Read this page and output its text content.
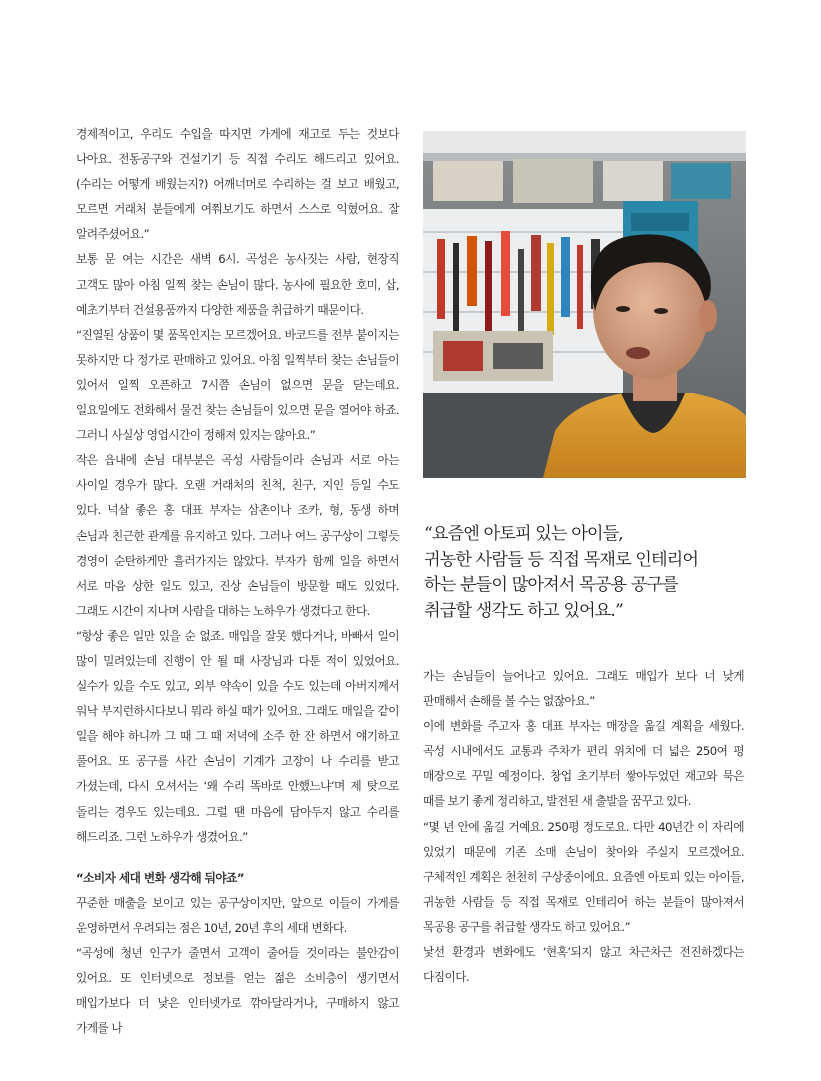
경제적이고, 우리도 수입을 따지면 가게에 재고로 두는 것보다 나아요. 전동공구와 건설기기 등 직접 수리도 해드리고 있어요. (수리는 어떻게 배웠는지?) 어깨너머로 수리하는 걸 보고 배웠고, 모르면 거래처 분들에게 여쭤보기도 하면서 스스로 익혔어요. 잘 알려주셨어요.”

보통 문 여는 시간은 새벽 6시. 곡성은 농사짓는 사람, 현장직 고객도 많아 아침 일찍 찾는 손님이 많다. 농사에 필요한 호미, 삽, 예초기부터 건설용품까지 다양한 제품을 취급하기 때문이다.

“진열된 상품이 몇 품목인지는 모르겠어요. 바코드를 전부 붙이지는 못하지만 다 정가로 판매하고 있어요. 아침 일찍부터 찾는 손님들이 있어서 일찍 오픈하고 7시쯤 손님이 없으면 문을 닫는데요. 일요일에도 전화해서 물건 찾는 손님들이 있으면 문을 열어야 하죠. 그러니 사실상 영업시간이 정해져 있지는 않아요.”

작은 읍내에 손님 대부분은 곡성 사람들이라 손님과 서로 아는 사이일 경우가 많다. 오랜 거래처의 친척, 친구, 지인 등일 수도 있다. 넉살 좋은 홍 대표 부자는 삼촌이나 조카, 형, 동생 하며 손님과 친근한 관계를 유지하고 있다. 그러나 여느 공구상이 그렇듯 경영이 순탄하게만 흘러가지는 않았다. 부자가 함께 일을 하면서 서로 마음 상한 일도 있고, 진상 손님들이 방문할 때도 있었다. 그래도 시간이 지나며 사람을 대하는 노하우가 생겼다고 한다.

“항상 좋은 일만 있을 순 없죠. 매입을 잘못 했다거나, 바빠서 일이 많이 밀려있는데 진행이 안 될 때 사장님과 다툰 적이 있었어요. 실수가 있을 수도 있고, 외부 약속이 있을 수도 있는데 아버지께서 워낙 부지런하시다보니 뭐라 하실 때가 있어요. 그래도 매일을 같이 일을 해야 하니까 그 때 그 때 저녁에 소주 한 잔 하면서 얘기하고 풀어요. 또 공구를 사간 손님이 기계가 고장이 나 수리를 받고 가셨는데, 다시 오셔서는 ‘왜 수리 똑바로 안했느냐’며 제 탓으로 돌리는 경우도 있는데요. 그럴 땐 마음에 담아두지 않고 수리를 해드리죠. 그런 노하우가 생겼어요.”

“소비자 세대 변화 생각해 둬야죠”

꾸준한 매출을 보이고 있는 공구상이지만, 앞으로 이들이 가게를 운영하면서 우려되는 점은 10년, 20년 후의 세대 변화다.

“곡성에 청년 인구가 줄면서 고객이 줄어들 것이라는 불안감이 있어요. 또 인터넷으로 정보를 얻는 젊은 소비층이 생기면서 매입가보다 더 낮은 인터넷가로 깎아달라거나, 구매하지 않고 가게를 나

“요즘엔 아토피 있는 아이들,
귀농한 사람들 등 직접 목재로 인테리어
하는 분들이 많아져서 목공용 공구를
취급할 생각도 하고 있어요.”

가는 손님들이 늘어나고 있어요. 그래도 매입가 보다 너 낮게 판매해서 손해를 볼 수는 없잖아요.”

이에 변화를 주고자 홍 대표 부자는 매장을 옮길 계획을 세웠다. 곡성 시내에서도 교통과 주차가 편리 위치에 더 넓은 250여 평 매장으로 꾸밀 예정이다. 창업 초기부터 쌓아두었던 재고와 묵은 때를 보기 좋게 정리하고, 발전된 새 출발을 꿈꾸고 있다.

“몇 년 안에 옮길 거예요. 250평 정도로요. 다만 40년간 이 자리에 있었기 때문에 기존 소매 손님이 찾아와 주실지 모르겠어요. 구체적인 계획은 천천히 구상중이에요. 요즘엔 아토피 있는 아이들, 귀농한 사람들 등 직접 목재로 인테리어 하는 분들이 많아져서 목공용 공구를 취급할 생각도 하고 있어요.”

낯선 환경과 변화에도 ‘현혹’되지 않고 차근차근 전진하겠다는 다짐이다.
